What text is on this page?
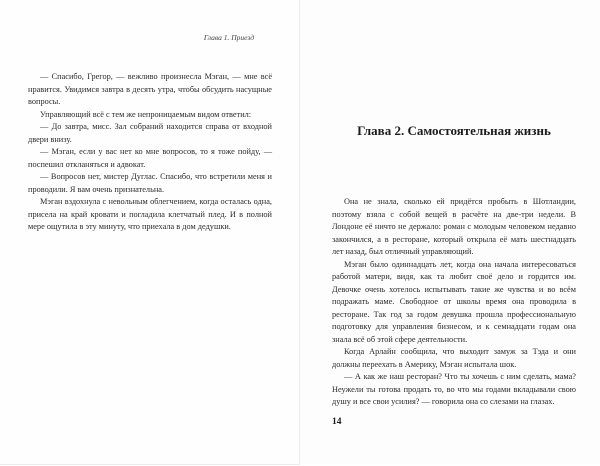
Глава 1. Приезд

— Спасибо, Грегор, — вежливо произнесла Мэган, — мне всё нравится. Увидимся завтра в десять утра, чтобы обсудить насущные вопросы.

Управляющий всё с тем же непроницаемым видом ответил:

— До завтра, мисс. Зал собраний находится справа от входной двери внизу.

— Мэган, если у вас нет ко мне вопросов, то я тоже пойду, — поспешил откланяться и адвокат.

— Вопросов нет, мистер Дуглас. Спасибо, что встретили меня и проводили. Я вам очень признательна.

Мэган вздохнула с невольным облегчением, когда осталась одна, присела на край кровати и погладила клетчатый плед. И в полной мере ощутила в эту минуту, что приехала в дом дедушки.

Глава 2. Самостоятельная жизнь

Она не знала, сколько ей придётся пробыть в Шотландии, поэтому взяла с собой вещей в расчёте на две-три недели. В Лондоне её ничто не держало: роман с молодым человеком недавно закончился, а в ресторане, который открыла её мать шестнадцать лет назад, был отличный управляющий.

Мэган было одиннадцать лет, когда она начала интересоваться работой матери, видя, как та любит своё дело и гордится им. Девочке очень хотелось испытывать такие же чувства и во всём подражать маме. Свободное от школы время она проводила в ресторане. Так год за годом девушка прошла профессиональную подготовку для управления бизнесом, и к семнадцати годам она знала всё об этой сфере деятельности.

Когда Арлайн сообщила, что выходит замуж за Тэда и они должны переехать в Америку, Мэган испытала шок.

— А как же наш ресторан? Что ты хочешь с ним сделать, мама? Неужели ты готова продать то, во что мы годами вкладывали свою душу и все свои усилия? — говорила она со слезами на глазах.

14
